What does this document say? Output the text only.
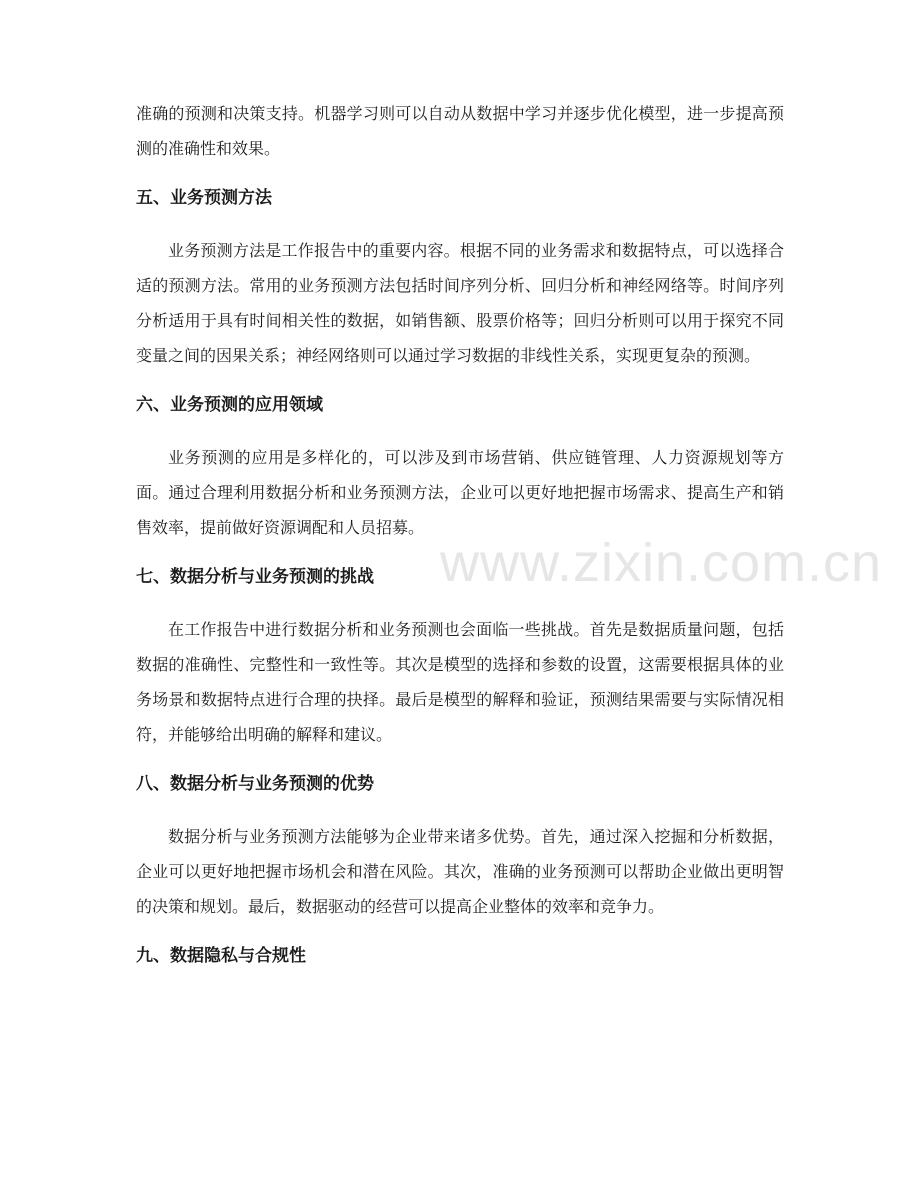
www.zixin.com.cn

准确的预测和决策支持。机器学习则可以自动从数据中学习并逐步优化模型，进一步提高预测的准确性和效果。

五、业务预测方法

业务预测方法是工作报告中的重要内容。根据不同的业务需求和数据特点，可以选择合适的预测方法。常用的业务预测方法包括时间序列分析、回归分析和神经网络等。时间序列分析适用于具有时间相关性的数据，如销售额、股票价格等；回归分析则可以用于探究不同变量之间的因果关系；神经网络则可以通过学习数据的非线性关系，实现更复杂的预测。

六、业务预测的应用领域

业务预测的应用是多样化的，可以涉及到市场营销、供应链管理、人力资源规划等方面。通过合理利用数据分析和业务预测方法，企业可以更好地把握市场需求、提高生产和销售效率，提前做好资源调配和人员招募。

七、数据分析与业务预测的挑战

在工作报告中进行数据分析和业务预测也会面临一些挑战。首先是数据质量问题，包括数据的准确性、完整性和一致性等。其次是模型的选择和参数的设置，这需要根据具体的业务场景和数据特点进行合理的抉择。最后是模型的解释和验证，预测结果需要与实际情况相符，并能够给出明确的解释和建议。

八、数据分析与业务预测的优势

数据分析与业务预测方法能够为企业带来诸多优势。首先，通过深入挖掘和分析数据，企业可以更好地把握市场机会和潜在风险。其次，准确的业务预测可以帮助企业做出更明智的决策和规划。最后，数据驱动的经营可以提高企业整体的效率和竞争力。

九、数据隐私与合规性
